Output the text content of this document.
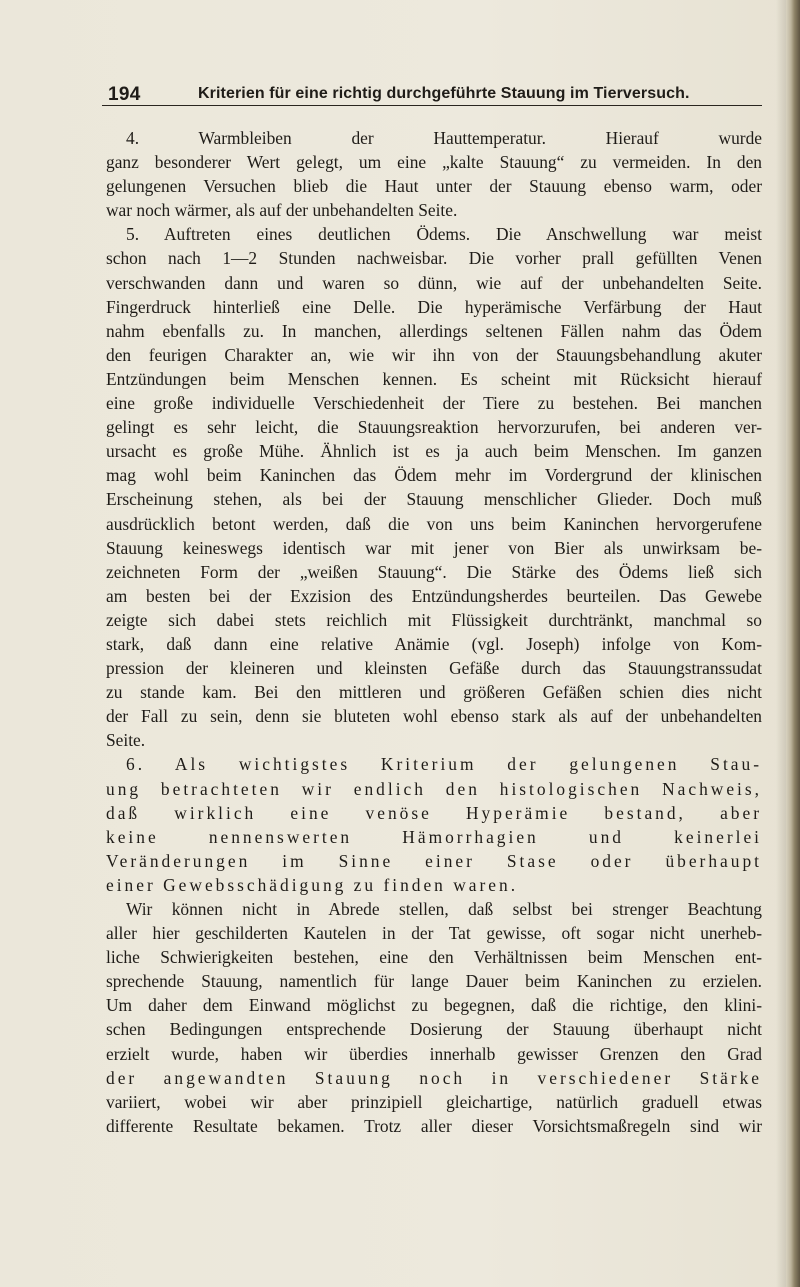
194	Kriterien für eine richtig durchgeführte Stauung im Tierversuch.
4. Warmbleiben der Hauttemperatur. Hierauf wurde
ganz besonderer Wert gelegt, um eine „kalte Stauung“ zu vermeiden. In den
gelungenen Versuchen blieb die Haut unter der Stauung ebenso warm, oder
war noch wärmer, als auf der unbehandelten Seite.
5. Auftreten eines deutlichen Ödems. Die Anschwellung war meist
schon nach 1—2 Stunden nachweisbar. Die vorher prall gefüllten Venen
verschwanden dann und waren so dünn, wie auf der unbehandelten Seite.
Fingerdruck hinterließ eine Delle. Die hyperämische Verfärbung der Haut
nahm ebenfalls zu. In manchen, allerdings seltenen Fällen nahm das Ödem
den feurigen Charakter an, wie wir ihn von der Stauungsbehandlung akuter
Entzündungen beim Menschen kennen. Es scheint mit Rücksicht hierauf
eine große individuelle Verschiedenheit der Tiere zu bestehen. Bei manchen
gelingt es sehr leicht, die Stauungsreaktion hervorzurufen, bei anderen ver-
ursacht es große Mühe. Ähnlich ist es ja auch beim Menschen. Im ganzen
mag wohl beim Kaninchen das Ödem mehr im Vordergrund der klinischen
Erscheinung stehen, als bei der Stauung menschlicher Glieder. Doch muß
ausdrücklich betont werden, daß die von uns beim Kaninchen hervorgerufene
Stauung keineswegs identisch war mit jener von Bier als unwirksam be-
zeichneten Form der „weißen Stauung“. Die Stärke des Ödems ließ sich
am besten bei der Exzision des Entzündungsherdes beurteilen. Das Gewebe
zeigte sich dabei stets reichlich mit Flüssigkeit durchtränkt, manchmal so
stark, daß dann eine relative Anämie (vgl. Joseph) infolge von Kom-
pression der kleineren und kleinsten Gefäße durch das Stauungstranssudat
zu stande kam. Bei den mittleren und größeren Gefäßen schien dies nicht
der Fall zu sein, denn sie bluteten wohl ebenso stark als auf der unbehandelten
Seite.
6. Als wichtigstes Kriterium der gelungenen Stau-
ung betrachteten wir endlich den histologischen Nachweis,
daß wirklich eine venöse Hyperämie bestand, aber
keine nennenswerten Hämorrhagien und keinerlei
Veränderungen im Sinne einer Stase oder überhaupt
einer Gewebsschädigung zu finden waren.
Wir können nicht in Abrede stellen, daß selbst bei strenger Beachtung
aller hier geschilderten Kautelen in der Tat gewisse, oft sogar nicht unerheb-
liche Schwierigkeiten bestehen, eine den Verhältnissen beim Menschen ent-
sprechende Stauung, namentlich für lange Dauer beim Kaninchen zu erzielen.
Um daher dem Einwand möglichst zu begegnen, daß die richtige, den klini-
schen Bedingungen entsprechende Dosierung der Stauung überhaupt nicht
erzielt wurde, haben wir überdies innerhalb gewisser Grenzen den Grad
der angewandten Stauung noch in verschiedener Stärke
variiert, wobei wir aber prinzipiell gleichartige, natürlich graduell etwas
differente Resultate bekamen. Trotz aller dieser Vorsichtsmaßregeln sind wir
